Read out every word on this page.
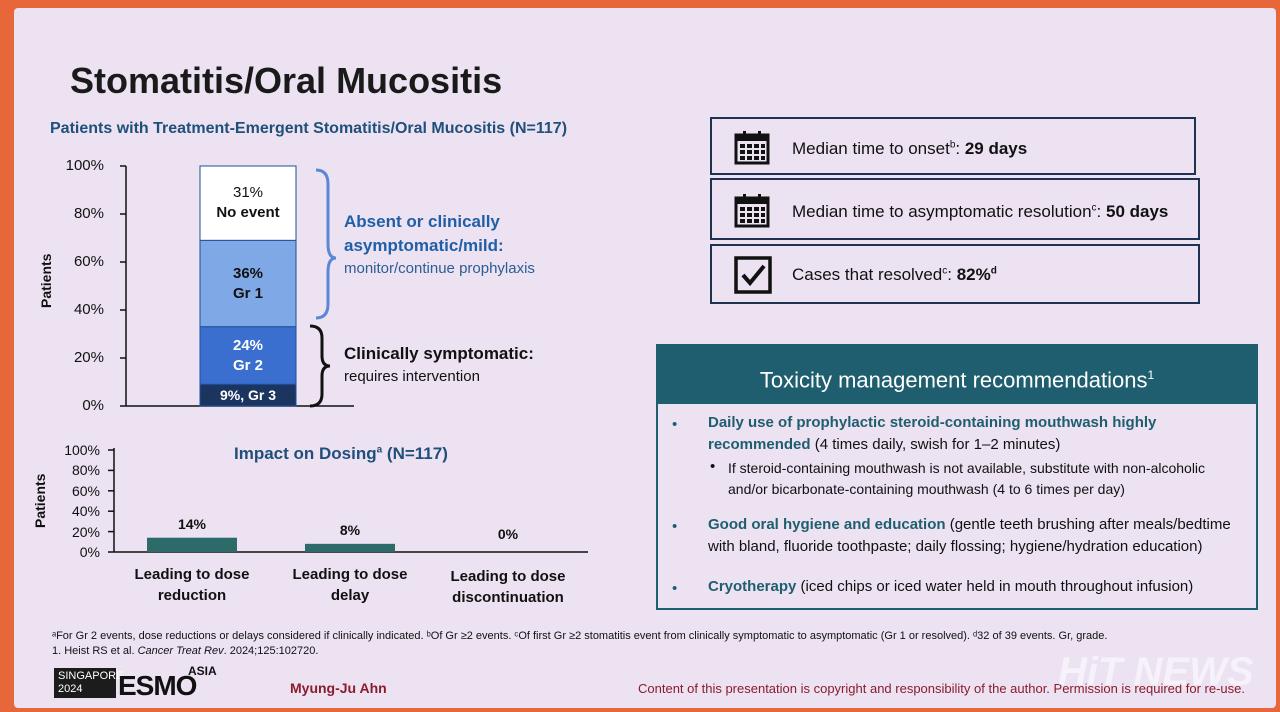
Stomatitis/Oral Mucositis
Patients with Treatment-Emergent Stomatitis/Oral Mucositis (N=117)
Patients
Absent or clinically
asymptomatic/mild:
monitor/continue prophylaxis
Clinically symptomatic:
requires intervention
Impact on Dosing$^a$ (N=117)
Patients
Median time to onset$^b$: 29 days
Median time to asymptomatic resolution$^c$: 50 days
Cases that resolved$^c$: 82%$^d$
Toxicity management recommendations$^1$
• Daily use of prophylactic steroid-containing mouthwash highly
recommended (4 times daily, swish for 1–2 minutes)
• If steroid-containing mouthwash is not available, substitute with non-alcoholic
and/or bicarbonate-containing mouthwash (4 to 6 times per day)
• Good oral hygiene and education (gentle teeth brushing after meals/bedtime
with bland, fluoride toothpaste; daily flossing; hygiene/hydration education)
• Cryotherapy (iced chips or iced water held in mouth throughout infusion)
ᵃFor Gr 2 events, dose reductions or delays considered if clinically indicated. ᵇOf Gr ≥2 events. ᶜOf first Gr ≥2 stomatitis event from clinically symptomatic to asymptomatic (Gr 1 or resolved). ᵈ32 of 39 events. Gr, grade.
1. Heist RS et al. Cancer Treat Rev. 2024;125:102720.
SINGAPORE
2024	ESMO
ASIA
Myung-Ju Ahn	Content of this presentation is copyright and responsibility of the author. Permission is required for re-use.
HiT NEWS
100%
80%
60%
40%
20%
0%
31%
No event
36%
Gr 1
24%
Gr 2
9%, Gr 3
100%
80%
60%
40%
20%
0%
14%
Leading to dose
reduction
8%
Leading to dose
delay
0%
Leading to dose
discontinuation
